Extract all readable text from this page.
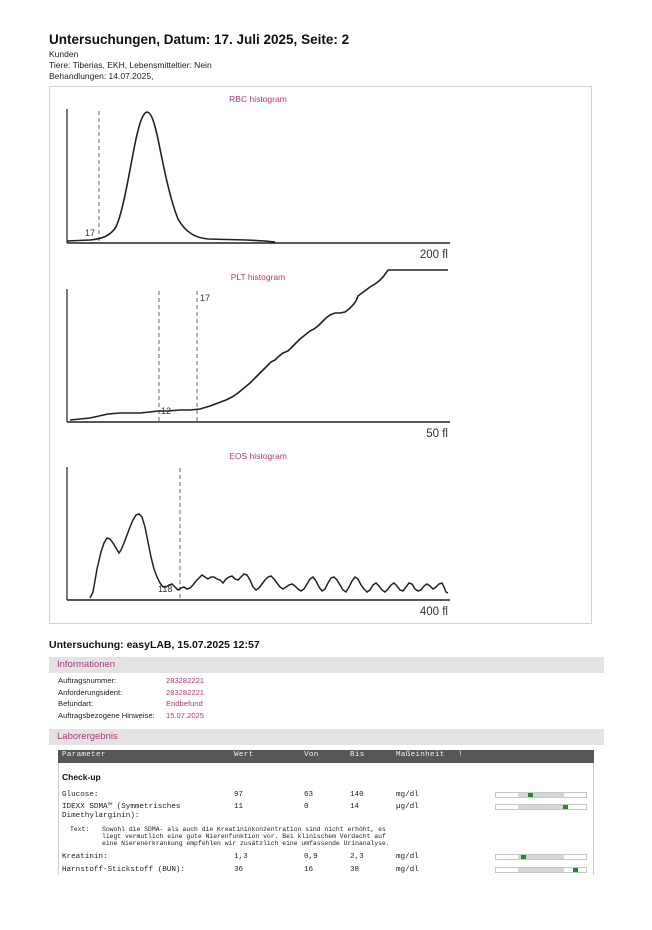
Untersuchungen, Datum: 17. Juli 2025, Seite: 2
Kunden
Tiere: Tiberias, EKH, Lebensmitteltier: Nein
Behandlungen: 14.07.2025,
RBC histogram
17
200 fl
PLT histogram
12
17
50 fl
EOS histogram
118
400 fl
Untersuchung: easyLAB, 15.07.2025 12:57
Informationen
Auftragsnummer:	283282221
Anforderungsident:	283282221
Befundart:	Endbefund
Auftragsbezogene Hinweise: 15.07.2025
Laborergebnis
Parameter	Wert	Von	Bis	Maßeinheit !
Check-up
Glucose:	97	63	140	mg/dl
IDEXX SDMA™ (Symmetrisches
Dimethylarginin):
11	0	14	µg/dl
Text: Sowohl die SDMA- als auch die Kreatininkonzentration sind nicht erhöht, es
liegt vermutlich eine gute Nierenfunktion vor. Bei klinischem Verdacht auf
eine Nierenerkrankung empfehlen wir zusätzlich eine umfassende Urinanalyse.
Kreatinin:	1,3	0,9	2,3	mg/dl
Harnstoff-Stickstoff (BUN):	36	16	38	mg/dl
